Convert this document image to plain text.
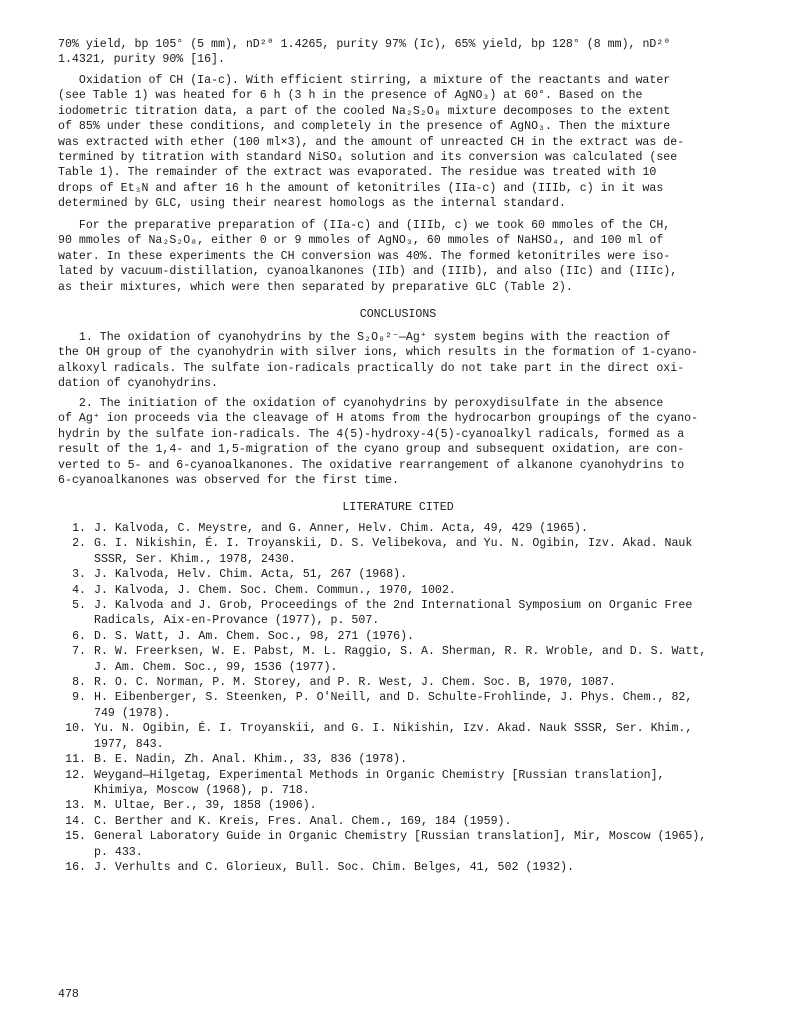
70% yield, bp 105° (5 mm), nD²⁰ 1.4265, purity 97% (Ic), 65% yield, bp 128° (8 mm), nD²⁰
1.4321, purity 90% [16].

Oxidation of CH (Ia-c). With efficient stirring, a mixture of the reactants and water
(see Table 1) was heated for 6 h (3 h in the presence of AgNO₃) at 60°. Based on the
iodometric titration data, a part of the cooled Na₂S₂O₈ mixture decomposes to the extent
of 85% under these conditions, and completely in the presence of AgNO₃. Then the mixture
was extracted with ether (100 ml×3), and the amount of unreacted CH in the extract was de-
termined by titration with standard NiSO₄ solution and its conversion was calculated (see
Table 1). The remainder of the extract was evaporated. The residue was treated with 10
drops of Et₃N and after 16 h the amount of ketonitriles (IIa-c) and (IIIb, c) in it was
determined by GLC, using their nearest homologs as the internal standard.

For the preparative preparation of (IIa-c) and (IIIb, c) we took 60 mmoles of the CH,
90 mmoles of Na₂S₂O₈, either 0 or 9 mmoles of AgNO₃, 60 mmoles of NaHSO₄, and 100 ml of
water. In these experiments the CH conversion was 40%. The formed ketonitriles were iso-
lated by vacuum-distillation, cyanoalkanones (IIb) and (IIIb), and also (IIc) and (IIIc),
as their mixtures, which were then separated by preparative GLC (Table 2).

CONCLUSIONS

1. The oxidation of cyanohydrins by the S₂O₈²⁻—Ag⁺ system begins with the reaction of
the OH group of the cyanohydrin with silver ions, which results in the formation of 1-cyano-
alkoxyl radicals. The sulfate ion-radicals practically do not take part in the direct oxi-
dation of cyanohydrins.

2. The initiation of the oxidation of cyanohydrins by peroxydisulfate in the absence
of Ag⁺ ion proceeds via the cleavage of H atoms from the hydrocarbon groupings of the cyano-
hydrin by the sulfate ion-radicals. The 4(5)-hydroxy-4(5)-cyanoalkyl radicals, formed as a
result of the 1,4- and 1,5-migration of the cyano group and subsequent oxidation, are con-
verted to 5- and 6-cyanoalkanones. The oxidative rearrangement of alkanone cyanohydrins to
6-cyanoalkanones was observed for the first time.

LITERATURE CITED
1. J. Kalvoda, C. Meystre, and G. Anner, Helv. Chim. Acta, 49, 429 (1965).
2. G. I. Nikishin, É. I. Troyanskii, D. S. Velibekova, and Yu. N. Ogibin, Izv. Akad. Nauk
SSSR, Ser. Khim., 1978, 2430.
3. J. Kalvoda, Helv. Chim. Acta, 51, 267 (1968).
4. J. Kalvoda, J. Chem. Soc. Chem. Commun., 1970, 1002.
5. J. Kalvoda and J. Grob, Proceedings of the 2nd International Symposium on Organic Free
Radicals, Aix-en-Provance (1977), p. 507.
6. D. S. Watt, J. Am. Chem. Soc., 98, 271 (1976).
7. R. W. Freerksen, W. E. Pabst, M. L. Raggio, S. A. Sherman, R. R. Wroble, and D. S. Watt,
J. Am. Chem. Soc., 99, 1536 (1977).
8. R. O. C. Norman, P. M. Storey, and P. R. West, J. Chem. Soc. B, 1970, 1087.
9. H. Eibenberger, S. Steenken, P. O'Neill, and D. Schulte-Frohlinde, J. Phys. Chem., 82,
749 (1978).
10. Yu. N. Ogibin, É. I. Troyanskii, and G. I. Nikishin, Izv. Akad. Nauk SSSR, Ser. Khim.,
1977, 843.
11. B. E. Nadin, Zh. Anal. Khim., 33, 836 (1978).
12. Weygand—Hilgetag, Experimental Methods in Organic Chemistry [Russian translation],
Khimiya, Moscow (1968), p. 718.
13. M. Ultae, Ber., 39, 1858 (1906).
14. C. Berther and K. Kreis, Fres. Anal. Chem., 169, 184 (1959).
15. General Laboratory Guide in Organic Chemistry [Russian translation], Mir, Moscow (1965),
p. 433.
16. J. Verhults and C. Glorieux, Bull. Soc. Chim. Belges, 41, 502 (1932).
478
